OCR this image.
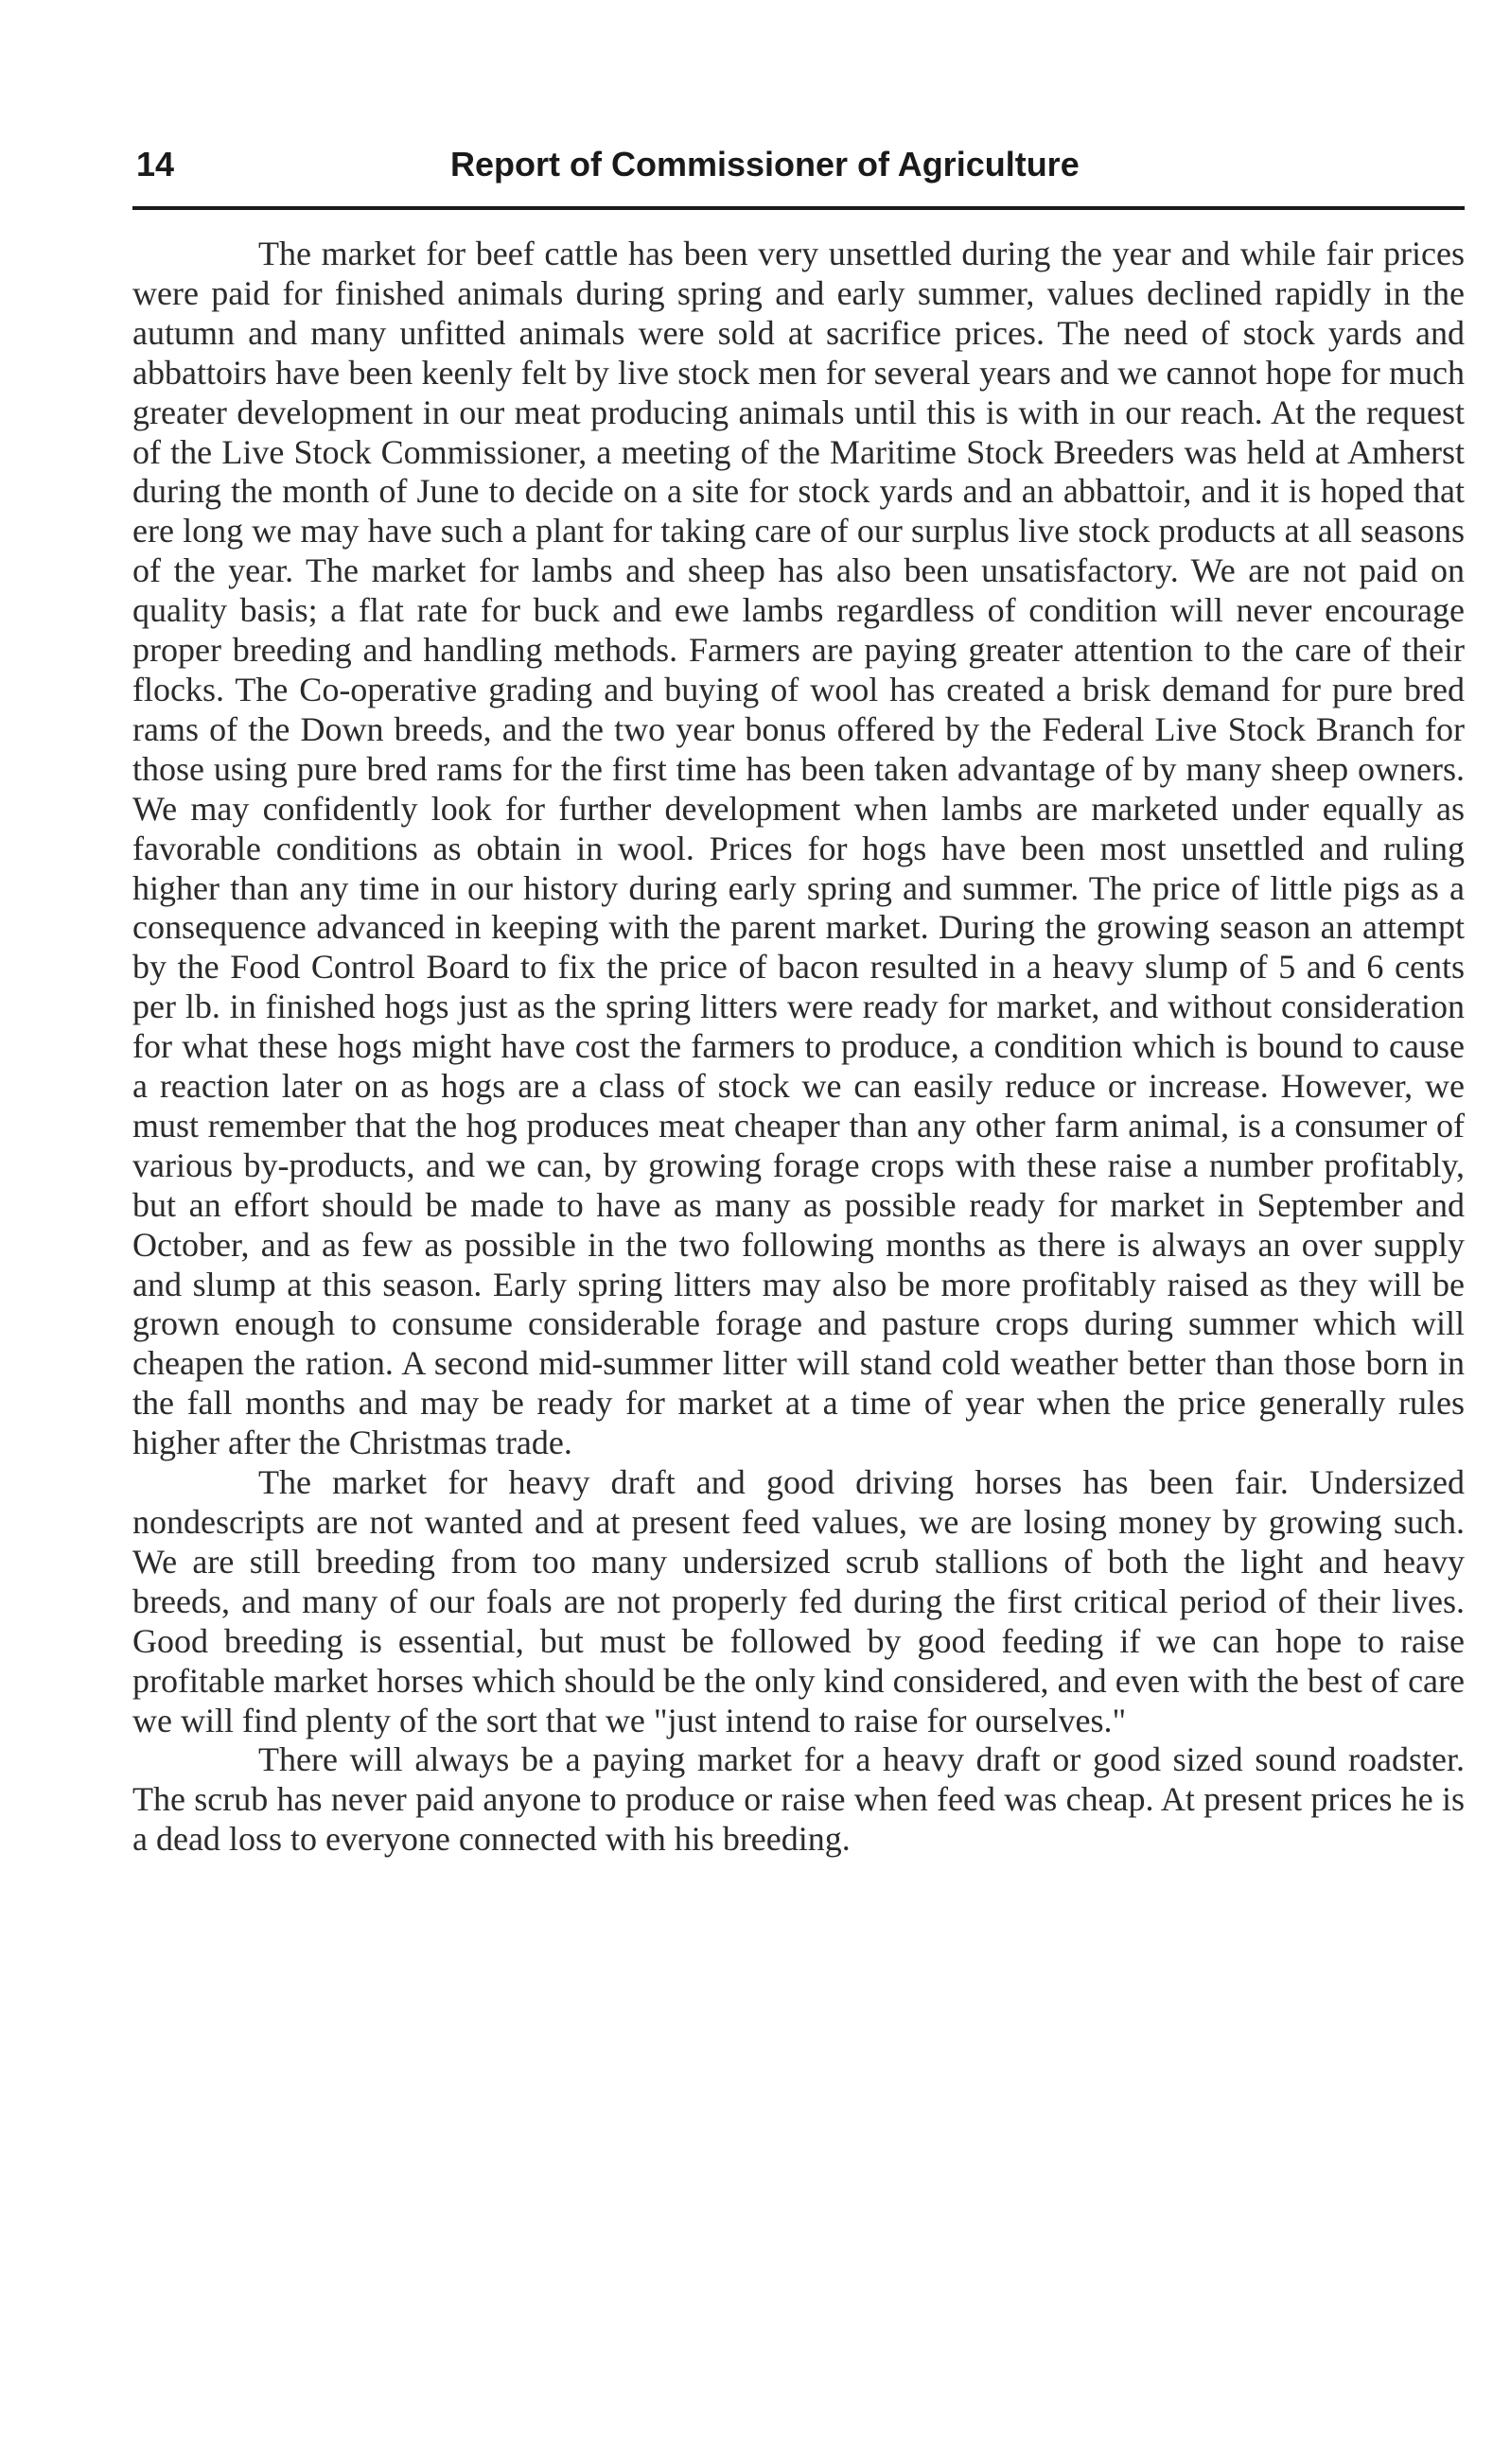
14	Report of Commissioner of Agriculture

The market for beef cattle has been very unsettled during the year and while fair prices were paid for finished animals during spring and early summer, values declined rapidly in the autumn and many unfitted animals were sold at sacrifice prices. The need of stock yards and abbattoirs have been keenly felt by live stock men for several years and we cannot hope for much greater development in our meat producing animals until this is with in our reach. At the request of the Live Stock Commissioner, a meeting of the Maritime Stock Breeders was held at Amherst during the month of June to decide on a site for stock yards and an abbattoir, and it is hoped that ere long we may have such a plant for taking care of our surplus live stock products at all seasons of the year. The market for lambs and sheep has also been unsatisfactory. We are not paid on quality basis; a flat rate for buck and ewe lambs regardless of condition will never encourage proper breeding and handling methods. Farmers are paying greater attention to the care of their flocks. The Co-operative grading and buying of wool has created a brisk demand for pure bred rams of the Down breeds, and the two year bonus offered by the Federal Live Stock Branch for those using pure bred rams for the first time has been taken advantage of by many sheep owners. We may confidently look for further development when lambs are marketed under equally as favorable conditions as obtain in wool. Prices for hogs have been most unsettled and ruling higher than any time in our history during early spring and summer. The price of little pigs as a consequence advanced in keeping with the parent market. During the growing season an attempt by the Food Control Board to fix the price of bacon resulted in a heavy slump of 5 and 6 cents per lb. in finished hogs just as the spring litters were ready for market, and without consideration for what these hogs might have cost the farmers to produce, a condition which is bound to cause a reaction later on as hogs are a class of stock we can easily reduce or increase. However, we must remember that the hog produces meat cheaper than any other farm animal, is a consumer of various by-products, and we can, by growing forage crops with these raise a number profitably, but an effort should be made to have as many as possible ready for market in September and October, and as few as possible in the two following months as there is always an over supply and slump at this season. Early spring litters may also be more profitably raised as they will be grown enough to consume considerable forage and pasture crops during summer which will cheapen the ration. A second mid-summer litter will stand cold weather better than those born in the fall months and may be ready for market at a time of year when the price generally rules higher after the Christmas trade.

The market for heavy draft and good driving horses has been fair. Undersized nondescripts are not wanted and at present feed values, we are losing money by growing such. We are still breeding from too many undersized scrub stallions of both the light and heavy breeds, and many of our foals are not properly fed during the first critical period of their lives. Good breeding is essential, but must be followed by good feeding if we can hope to raise profitable market horses which should be the only kind considered, and even with the best of care we will find plenty of the sort that we "just intend to raise for ourselves."

There will always be a paying market for a heavy draft or good sized sound roadster. The scrub has never paid anyone to produce or raise when feed was cheap. At present prices he is a dead loss to everyone connected with his breeding.
